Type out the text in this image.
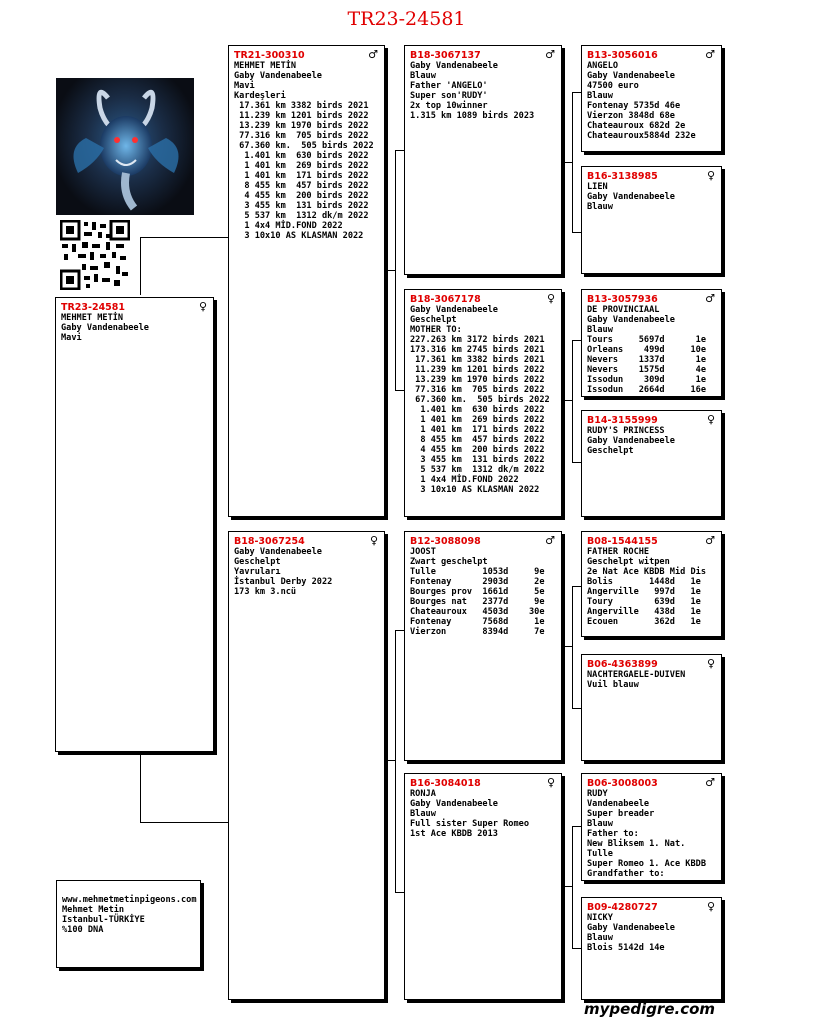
TR23-24581
TR23-24581	♀
MEHMET METİN
Gaby Vandenabeele
Mavi
www.mehmetmetinpigeons.com
Mehmet Metin
Istanbul-TÜRKİYE
%100 DNA
TR21-300310	♂
MEHMET METİN
Gaby Vandenabeele
Mavi
Kardeşleri
17.361 km 3382 birds 2021
11.239 km 1201 birds 2022
13.239 km 1970 birds 2022
77.316 km  705 birds 2022
67.360 km.  505 birds 2022
1.401 km  630 birds 2022
1 401 km  269 birds 2022
1 401 km  171 birds 2022
8 455 km  457 birds 2022
4 455 km  200 birds 2022
3 455 km  131 birds 2022
5 537 km  1312 dk/m 2022
1 4x4 MİD.FOND 2022
3 10x10 AS KLASMAN 2022
B18-3067254	♀
Gaby Vandenabeele
Geschelpt
Yavruları
İstanbul Derby 2022
173 km 3.ncü
B18-3067137	♂
Gaby Vandenabeele
Blauw
Father 'ANGELO'
Super son'RUDY'
2x top 10winner
1.315 km 1089 birds 2023
B18-3067178	♀
Gaby Vandenabeele
Geschelpt
MOTHER TO:
227.263 km 3172 birds 2021
173.316 km 2745 birds 2021
17.361 km 3382 birds 2021
11.239 km 1201 birds 2022
13.239 km 1970 birds 2022
77.316 km  705 birds 2022
67.360 km.  505 birds 2022
1.401 km  630 birds 2022
1 401 km  269 birds 2022
1 401 km  171 birds 2022
8 455 km  457 birds 2022
4 455 km  200 birds 2022
3 455 km  131 birds 2022
5 537 km  1312 dk/m 2022
1 4x4 MİD.FOND 2022
3 10x10 AS KLASMAN 2022
B12-3088098	♂
JOOST
Zwart geschelpt
Tulle         1053d     9e
Fontenay      2903d     2e
Bourges prov  1661d     5e
Bourges nat   2377d     9e
Chateauroux   4503d    30e
Fontenay      7568d     1e
Vierzon       8394d     7e
B16-3084018	♀
RONJA
Gaby Vandenabeele
Blauw
Full sister Super Romeo
1st Ace KBDB 2013
B13-3056016	♂
ANGELO
Gaby Vandenabeele
47500 euro
Blauw
Fontenay 5735d 46e
Vierzon 3848d 68e
Chateauroux 682d 2e
Chateauroux5884d 232e
B16-3138985	♀
LIEN
Gaby Vandenabeele
Blauw
B13-3057936	♂
DE PROVINCIAAL
Gaby Vandenabeele
Blauw
Tours     5697d      1e
Orleans    499d     10e
Nevers    1337d      1e
Nevers    1575d      4e
Issodun    309d      1e
Issodun   2664d     16e
B14-3155999	♀
RUDY'S PRINCESS
Gaby Vandenabeele
Geschelpt
B08-1544155	♂
FATHER ROCHE
Geschelpt witpen
2e Nat Ace KBDB Mid Dis
Bolis       1448d   1e
Angerville   997d   1e
Toury        639d   1e
Angerville   438d   1e
Ecouen       362d   1e
B06-4363899	♀
NACHTERGAELE-DUIVEN
Vuil blauw
B06-3008003	♂
RUDY
Vandenabeele
Super breader
Blauw
Father to:
New Bliksem 1. Nat.
Tulle
Super Romeo 1. Ace KBDB
Grandfather to:
B09-4280727	♀
NICKY
Gaby Vandenabeele
Blauw
Blois 5142d 14e
mypedigre.com
